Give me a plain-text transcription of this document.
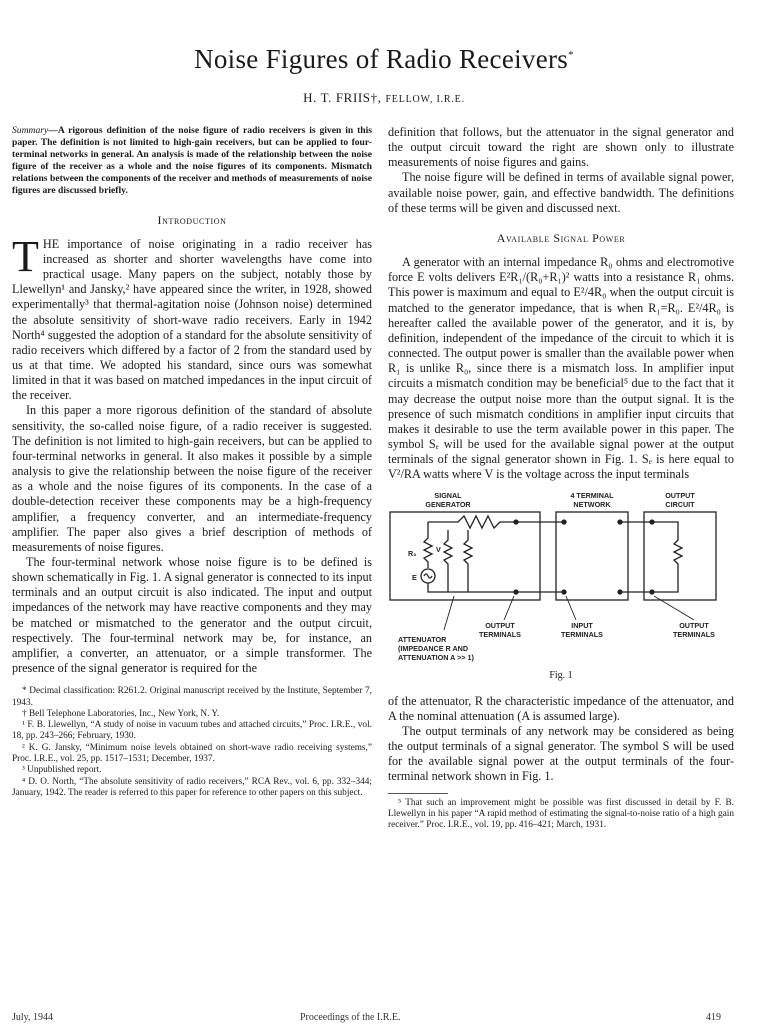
Noise Figures of Radio Receivers*
H. T. FRIIS†, FELLOW, I.R.E.

Summary—A rigorous definition of the noise figure of radio receivers is given in this paper. The definition is not limited to high-gain receivers, but can be applied to four-terminal networks in general. An analysis is made of the relationship between the noise figure of the receiver as a whole and the noise figures of its components. Mismatch relations between the components of the receiver and methods of measurements of noise figures are discussed briefly.

Introduction

THE importance of noise originating in a radio receiver has increased as shorter and shorter wavelengths have come into practical usage. Many papers on the subject, notably those by Llewellyn¹ and Jansky,² have appeared since the writer, in 1928, showed experimentally³ that thermal-agitation noise (Johnson noise) determined the absolute sensitivity of short-wave radio receivers. Early in 1942 North⁴ suggested the adoption of a standard for the absolute sensitivity of radio receivers which differed by a factor of 2 from the standard used by us at that time. We adopted his standard, since ours was somewhat limited in that it was based on matched impedances in the input circuit of the receiver.

In this paper a more rigorous definition of the standard of absolute sensitivity, the so-called noise figure, of a radio receiver is suggested. The definition is not limited to high-gain receivers, but can be applied to four-terminal networks in general. It also makes it possible by a simple analysis to give the relationship between the noise figure of the receiver as a whole and the noise figures of its components. In the case of a double-detection receiver these components may be a high-frequency amplifier, a frequency converter, and an intermediate-frequency amplifier. The paper also gives a brief description of methods of measurements of noise figures.

The four-terminal network whose noise figure is to be defined is shown schematically in Fig. 1. A signal generator is connected to its input terminals and an output circuit is also indicated. The input and output impedances of the network may have reactive components and they may be matched or mismatched to the generator and the output circuit, respectively. The four-terminal network may be, for instance, an amplifier, a converter, an attenuator, or a simple transformer. The presence of the signal generator is required for the

* Decimal classification: R261.2. Original manuscript received by the Institute, September 7, 1943.

† Bell Telephone Laboratories, Inc., New York, N. Y.

¹ F. B. Llewellyn, “A study of noise in vacuum tubes and attached circuits,” Proc. I.R.E., vol. 18, pp. 243–266; February, 1930.

² K. G. Jansky, “Minimum noise levels obtained on short-wave radio receiving systems,” Proc. I.R.E., vol. 25, pp. 1517–1531; December, 1937.

³ Unpublished report.

⁴ D. O. North, “The absolute sensitivity of radio receivers,” RCA Rev., vol. 6, pp. 332–344; January, 1942. The reader is referred to this paper for reference to other papers on this subject.

definition that follows, but the attenuator in the signal generator and the output circuit toward the right are shown only to illustrate measurements of noise figures and gains.

The noise figure will be defined in terms of available signal power, available noise power, gain, and effective bandwidth. The definitions of these terms will be given and discussed next.

Available Signal Power

A generator with an internal impedance R₀ ohms and electromotive force E volts delivers E²R₁/(R₀+R₁)² watts into a resistance R₁ ohms. This power is maximum and equal to E²/4R₀ when the output circuit is matched to the generator impedance, that is when R₁=R₀. E²/4R₀ is hereafter called the available power of the generator, and it is, by definition, independent of the impedance of the circuit to which it is connected. The output power is smaller than the available power when R₁ is unlike R₀, since there is a mismatch loss. In amplifier input circuits a mismatch condition may be beneficial⁵ due to the fact that it may decrease the output noise more than the output signal. It is the presence of such mismatch conditions in amplifier input circuits that makes it desirable to use the term available power in this paper. The symbol Sₑ will be used for the available signal power at the output terminals of the signal generator shown in Fig. 1. Sₑ is here equal to V²/RA watts where V is the voltage across the input terminals

SIGNAL
GENERATOR
4 TERMINAL
NETWORK
OUTPUT
CIRCUIT
R₀
E
V
OUTPUT
TERMINALS
INPUT
TERMINALS
OUTPUT
TERMINALS
ATTENUATOR
(IMPEDANCE R AND
ATTENUATION A >> 1)
Fig. 1

of the attenuator, R the characteristic impedance of the attenuator, and A the nominal attenuation (A is assumed large).

The output terminals of any network may be considered as being the output terminals of a signal generator. The symbol S will be used for the available signal power at the output terminals of the four-terminal network shown in Fig. 1.

⁵ That such an improvement might be possible was first discussed in detail by F. B. Llewellyn in his paper “A rapid method of estimating the signal-to-noise ratio of a high gain receiver.” Proc. I.R.E., vol. 19, pp. 416–421; March, 1931.

July, 1944	Proceedings of the I.R.E.	419
